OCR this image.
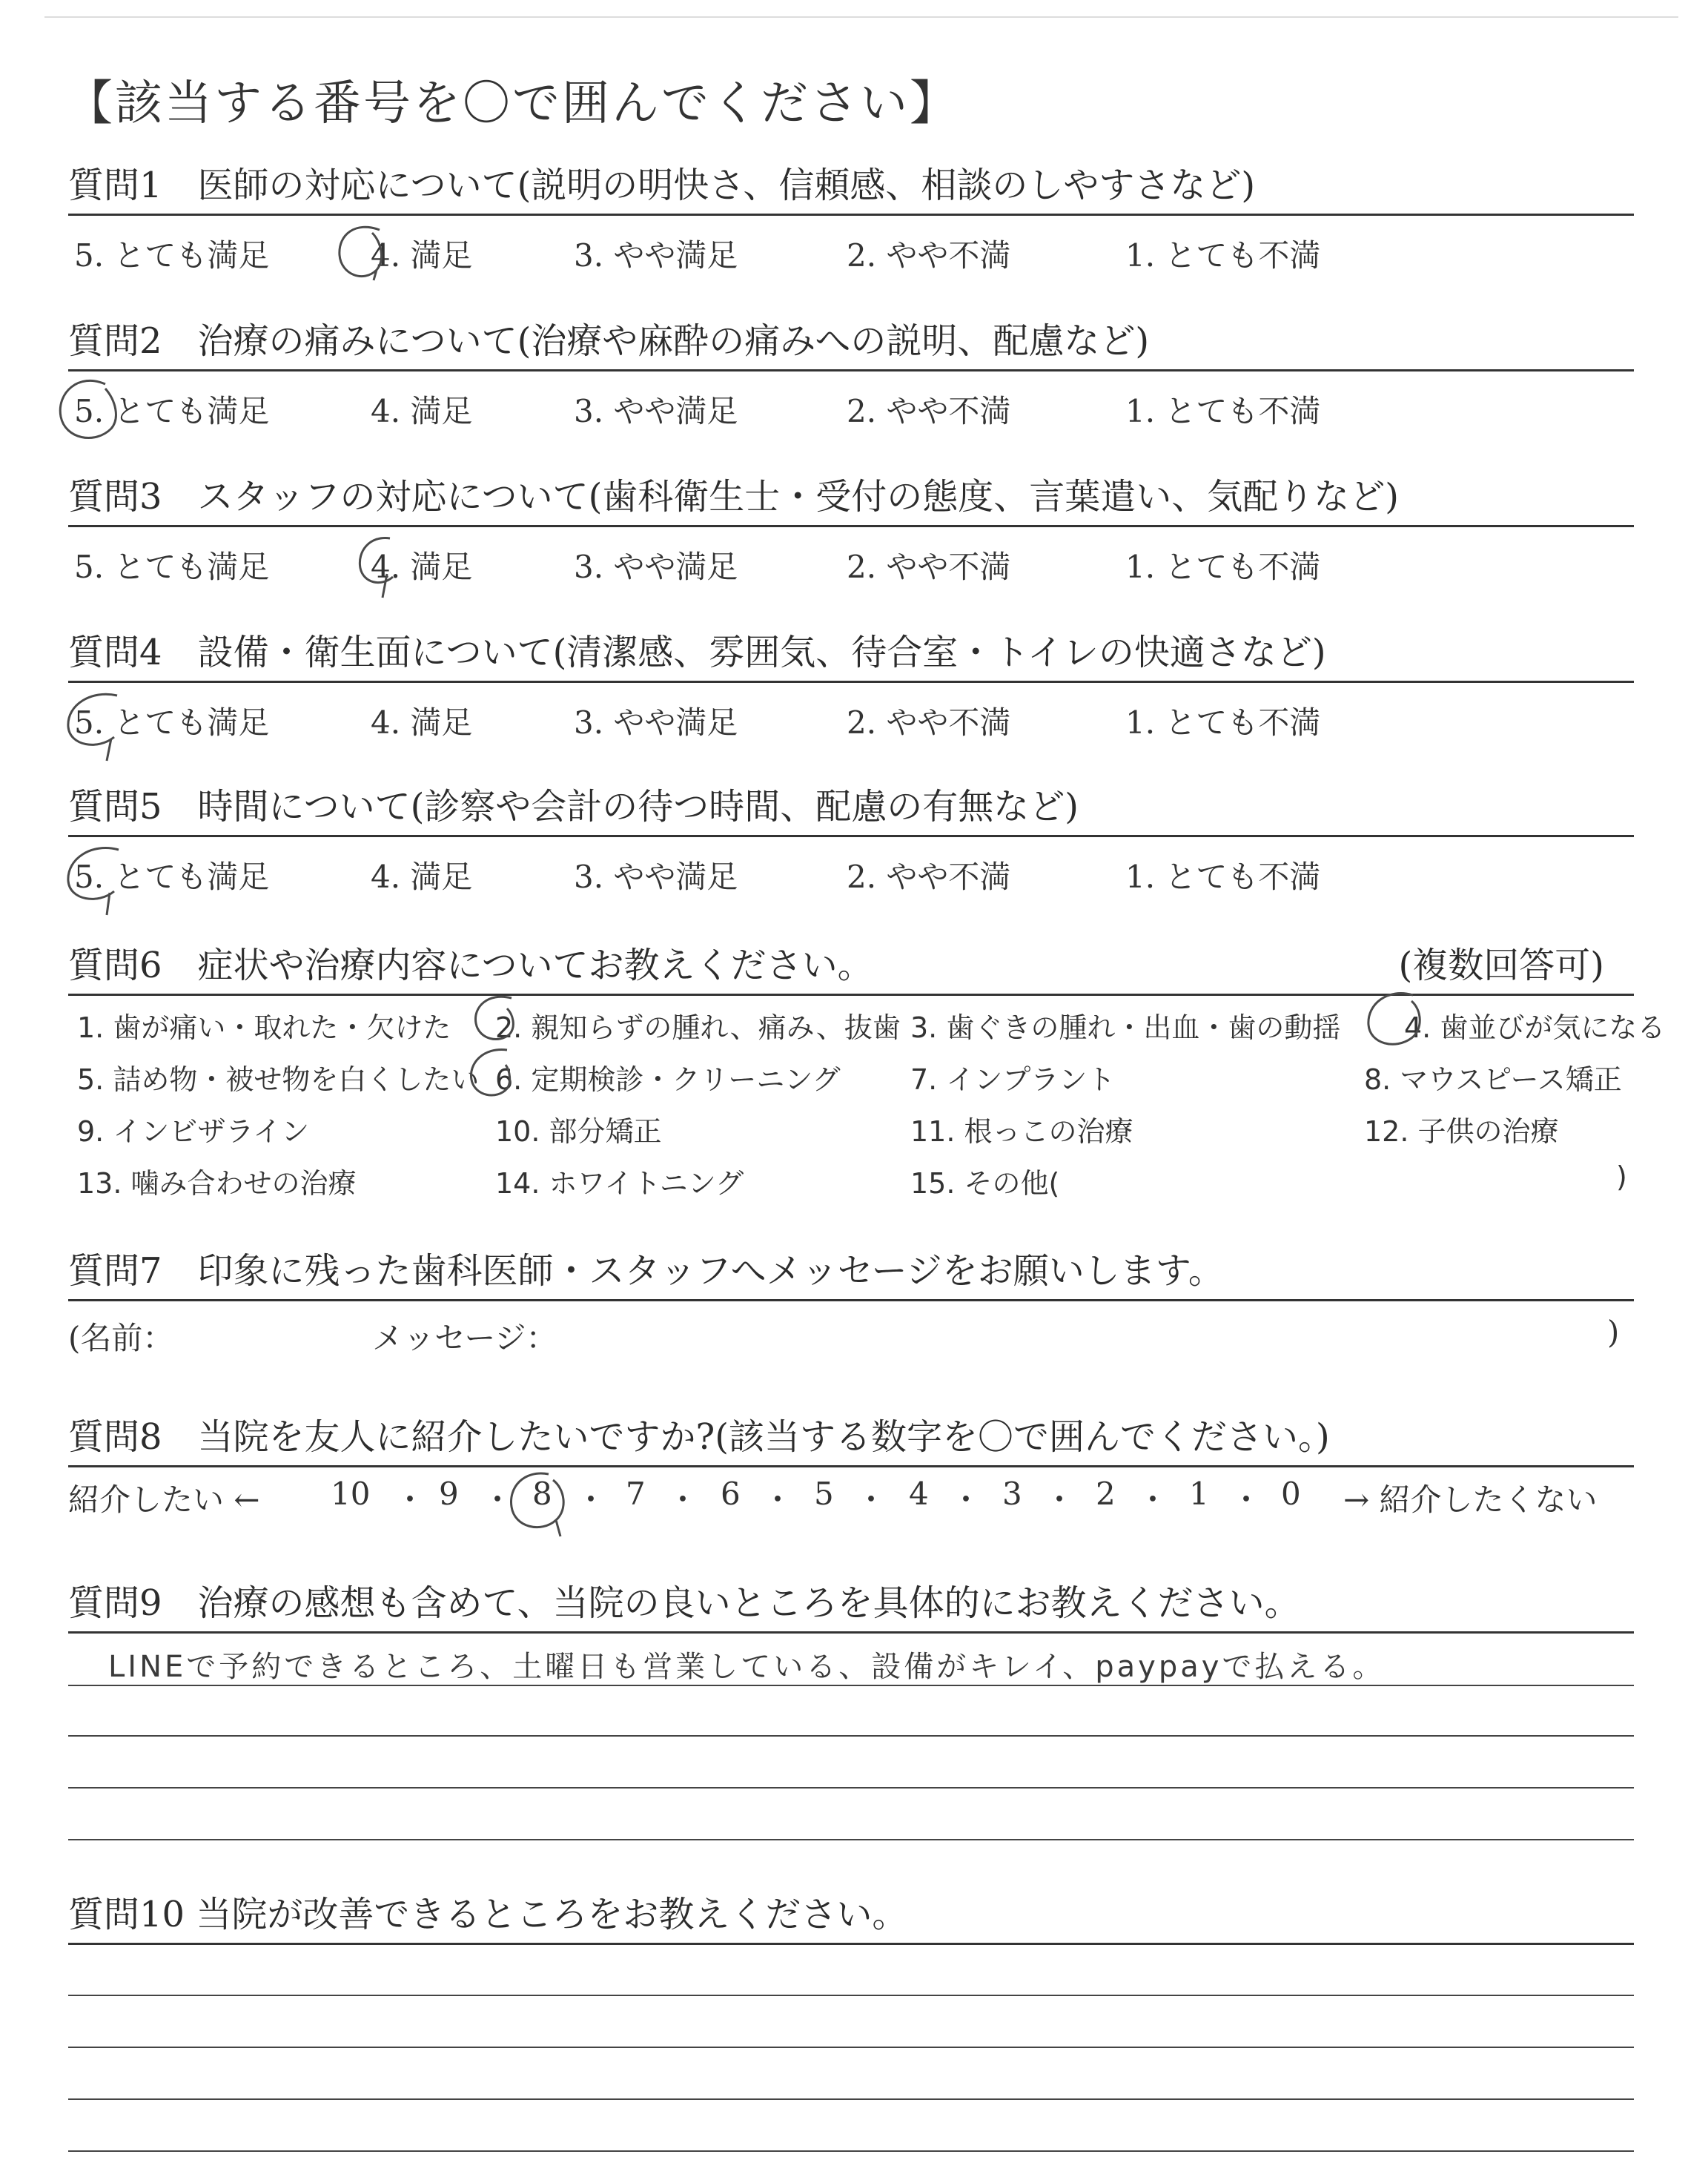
【該当する番号を〇で囲んでください】
質問1　医師の対応について(説明の明快さ、信頼感、相談のしやすさなど)
5. とても満足	4. 満足	3. やや満足	2. やや不満	1. とても不満
質問2　治療の痛みについて(治療や麻酔の痛みへの説明、配慮など)
5. とても満足	4. 満足	3. やや満足	2. やや不満	1. とても不満
質問3　スタッフの対応について(歯科衛生士・受付の態度、言葉遣い、気配りなど)
5. とても満足	4. 満足	3. やや満足	2. やや不満	1. とても不満
質問4　設備・衛生面について(清潔感、雰囲気、待合室・トイレの快適さなど)
5. とても満足	4. 満足	3. やや満足	2. やや不満	1. とても不満
質問5　時間について(診察や会計の待つ時間、配慮の有無など)
5. とても満足	4. 満足	3. やや満足	2. やや不満	1. とても不満
質問6　症状や治療内容についてお教えください。	(複数回答可)
1. 歯が痛い・取れた・欠けた 2. 親知らずの腫れ、痛み、抜歯 3. 歯ぐきの腫れ・出血・歯の動揺 4. 歯並びが気になる
5. 詰め物・被せ物を白くしたい 6. 定期検診・クリーニング 7. インプラント	8. マウスピース矯正
9. インビザライン	10. 部分矯正	11. 根っこの治療	12. 子供の治療
13. 噛み合わせの治療	14. ホワイトニング	15. その他(	)
質問7　印象に残った歯科医師・スタッフへメッセージをお願いします。
(名前：	メッセージ：	)
質問8　当院を友人に紹介したいですか?(該当する数字を〇で囲んでください。)
紹介したい ← 10 ・ 9 ・ 8 ・ 7 ・ 6 ・ 5 ・ 4 ・ 3 ・ 2 ・ 1 ・ 0 → 紹介したくない
質問9　治療の感想も含めて、当院の良いところを具体的にお教えください。
LINEで予約できるところ、土曜日も営業している、設備がキレイ、paypayで払える。
質問10 当院が改善できるところをお教えください。
